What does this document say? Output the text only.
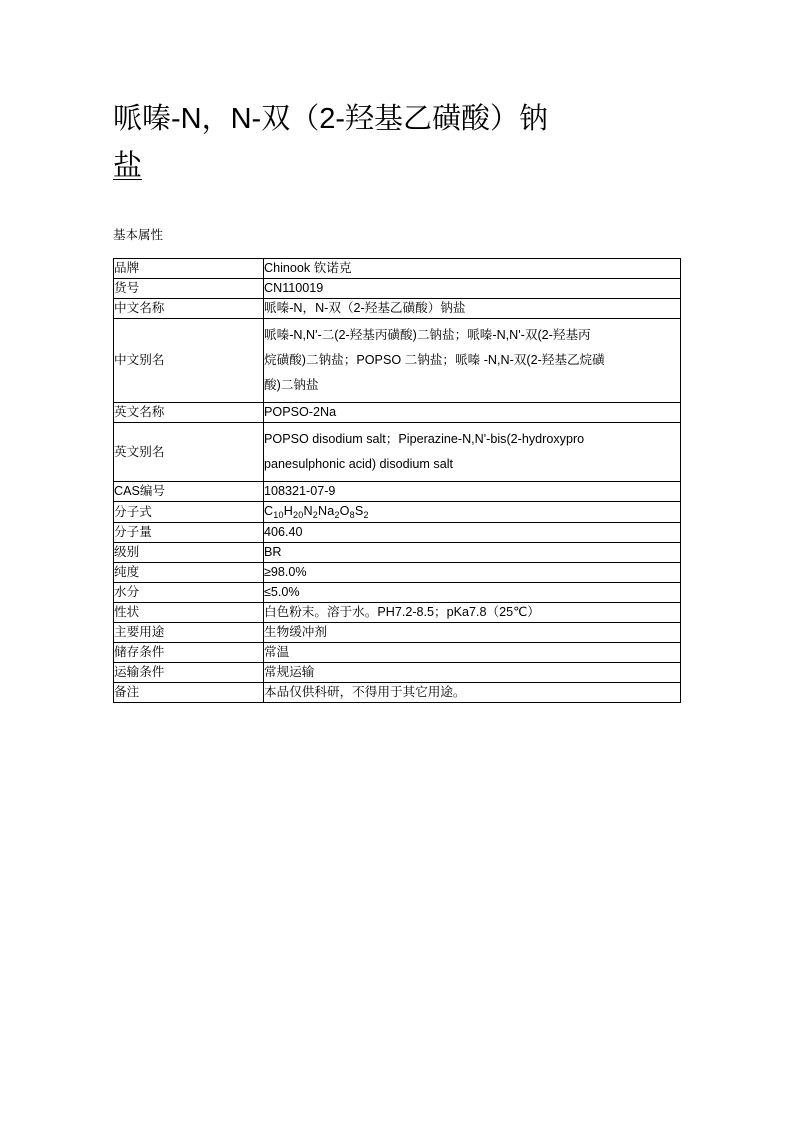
哌嗪-N，N-双（2-羟基乙磺酸）钠
盐
基本属性
品牌	Chinook 钦诺克
货号	CN110019
中文名称	哌嗪-N，N-双（2-羟基乙磺酸）钠盐
中文别名	哌嗪-N,N'-二(2-羟基丙磺酸)二钠盐；哌嗪-N,N'-双(2-羟基丙
烷磺酸)二钠盐；POPSO 二钠盐；哌嗪 -N,N-双(2-羟基乙烷磺
酸)二钠盐

英文名称	POPSO-2Na
英文别名	POPSO disodium salt；Piperazine-N,N'-bis(2-hydroxypro
panesulphonic acid) disodium salt

CAS编号	108321-07-9
分子式	$C_{10}H_{20}N_2Na_2O_8S_2$
分子量	406.40
级别	BR
纯度	≥98.0%
水分	≤5.0%
性状	白色粉末。溶于水。PH7.2-8.5；pKa7.8（25℃）
主要用途	生物缓冲剂
储存条件	常温
运输条件	常规运输
备注	本品仅供科研，不得用于其它用途。
